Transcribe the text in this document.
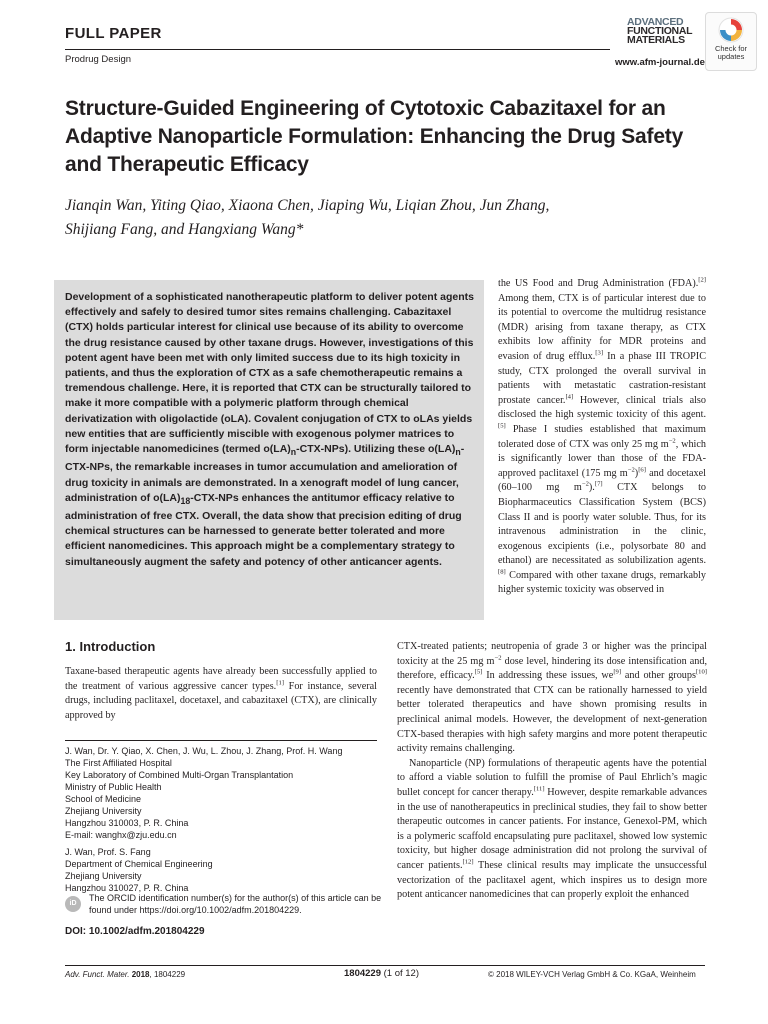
FULL PAPER
Prodrug Design	www.afm-journal.de
ADVANCED
FUNCTIONAL
MATERIALS
Check for
updates
Structure-Guided Engineering of Cytotoxic Cabazitaxel for an Adaptive Nanoparticle Formulation: Enhancing the Drug Safety and Therapeutic Efficacy
Jianqin Wan, Yiting Qiao, Xiaona Chen, Jiaping Wu, Liqian Zhou, Jun Zhang,
Shijiang Fang, and Hangxiang Wang*
Development of a sophisticated nanotherapeutic platform to deliver potent agents effectively and safely to desired tumor sites remains challenging. Cabazitaxel (CTX) holds particular interest for clinical use because of its ability to overcome the drug resistance caused by other taxane drugs. However, investigations of this potent agent have been met with only limited success due to its high toxicity in patients, and thus the exploration of CTX as a safe chemotherapeutic remains a tremendous challenge. Here, it is reported that CTX can be structurally tailored to make it more compatible with a polymeric platform through chemical derivatization with oligolactide (oLA). Covalent conjugation of CTX to oLAs yields new entities that are sufficiently miscible with exogenous polymer matrices to form injectable nanomedicines (termed $o(LA)_n-CTX-NPs$). Utilizing these $o(LA)_n-CTX$-NPs, the remarkable increases in tumor accumulation and amelioration of drug toxicity in animals are demonstrated. In a xenograft model of lung cancer, administration of $o(LA)_{18}-CTX$-NPs enhances the antitumor efficacy relative to administration of free CTX. Overall, the data show that precision editing of drug chemical structures can be harnessed to generate better tolerated and more efficient nanomedicines. This approach might be a complementary strategy to simultaneously augment the safety and potency of other anticancer agents.
the US Food and Drug Administration (FDA).[2] Among them, CTX is of particular interest due to its potential to overcome the multidrug resistance (MDR) arising from taxane therapy, as CTX exhibits low affinity for MDR proteins and evasion of drug efflux.[3] In a phase III TROPIC study, CTX prolonged the overall survival in patients with metastatic castration-resistant prostate cancer.[4] However, clinical trials also disclosed the high systemic toxicity of this agent.[5] Phase I studies established that maximum tolerated dose of CTX was only 25 mg $m^{-2}$, which is significantly lower than those of the FDA-approved paclitaxel (175 mg $m^{-2})[6]$ and docetaxel (60–100 mg $m^{-2}).[7]$ CTX belongs to Biopharmaceutics Classification System (BCS) Class II and is poorly water soluble. Thus, for its intravenous administration in the clinic, exogenous excipients (i.e., polysorbate 80 and ethanol) are necessitated as solubilization agents.[8] Compared with other taxane drugs, remarkably higher systemic toxicity was observed in
CTX-treated patients; neutropenia of grade 3 or higher was the principal toxicity at the 25 mg $m^{-2}$ dose level, hindering its dose intensification and, therefore, efficacy.[5] In addressing these issues, we[9] and other groups[10] recently have demonstrated that CTX can be rationally harnessed to yield better tolerated therapeutics and have shown promising results in preclinical animal models. However, the development of next-generation CTX-based therapies with high safety margins and more potent therapeutic activity remains challenging.
Nanoparticle (NP) formulations of therapeutic agents have the potential to afford a viable solution to fulfill the promise of Paul Ehrlich’s magic bullet concept for cancer therapy.[11] However, despite remarkable advances in the use of nanotherapeutics in preclinical studies, they fail to show better therapeutic outcomes in cancer patients. For instance, Genexol-PM, which is a polymeric scaffold encapsulating pure paclitaxel, showed low systemic toxicity, but higher dosage administration did not prolong the survival of cancer patients.[12] These clinical results may implicate the unsuccessful vectorization of the paclitaxel agent, which inspires us to design more potent anticancer nanomedicines that can properly exploit the enhanced
1. Introduction
Taxane-based therapeutic agents have already been successfully applied to the treatment of various aggressive cancer types.[1] For instance, several drugs, including paclitaxel, docetaxel, and cabazitaxel (CTX), are clinically approved by
J. Wan, Dr. Y. Qiao, X. Chen, J. Wu, L. Zhou, J. Zhang, Prof. H. Wang
The First Affiliated Hospital
Key Laboratory of Combined Multi-Organ Transplantation
Ministry of Public Health
School of Medicine
Zhejiang University
Hangzhou 310003, P. R. China
E-mail: wanghx@zju.edu.cn
J. Wan, Prof. S. Fang
Department of Chemical Engineering
Zhejiang University
Hangzhou 310027, P. R. China
iD
The ORCID identification number(s) for the author(s) of this article can be found under https://doi.org/10.1002/adfm.201804229.
DOI: 10.1002/adfm.201804229
Adv. Funct. Mater. 2018, 1804229	1804229 (1 of 12)	© 2018 WILEY-VCH Verlag GmbH & Co. KGaA, Weinheim
